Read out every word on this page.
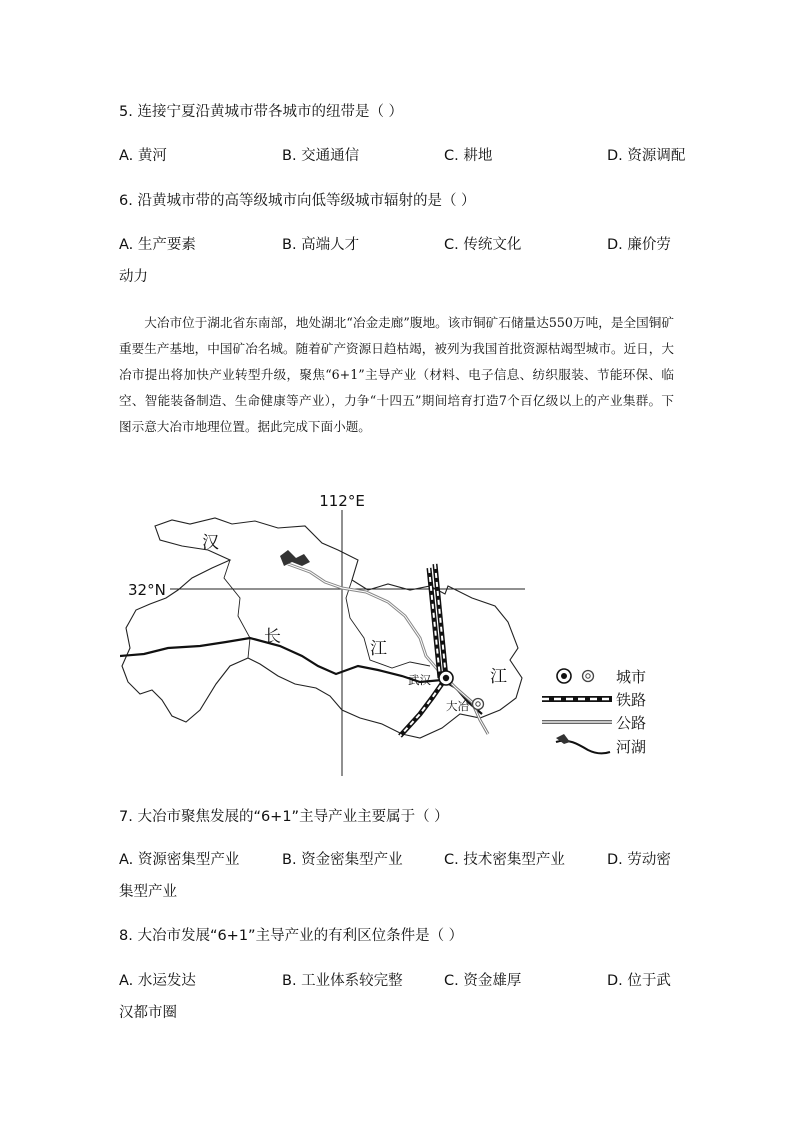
5. 连接宁夏沿黄城市带各城市的纽带是（ ）
A. 黄河	B. 交通通信	C. 耕地	D. 资源调配
6. 沿黄城市带的高等级城市向低等级城市辐射的是（ ）
A. 生产要素	B. 高端人才	C. 传统文化	D. 廉价劳
动力
大冶市位于湖北省东南部，地处湖北“冶金走廊”腹地。该市铜矿石储量达550万吨，是全国铜矿重要生产基地，中国矿冶名城。随着矿产资源日趋枯竭，被列为我国首批资源枯竭型城市。近日，大冶市提出将加快产业转型升级，聚焦“6+1”主导产业（材料、电子信息、纺织服装、节能环保、临空、智能装备制造、生命健康等产业），力争“十四五”期间培育打造7个百亿级以上的产业集群。下图示意大冶市地理位置。据此完成下面小题。
112°E
32°N
汉
长
江
江
武汉
大冶
城市
铁路
公路
河湖
7. 大冶市聚焦发展的“6+1”主导产业主要属于（ ）
A. 资源密集型产业	B. 资金密集型产业	C. 技术密集型产业	D. 劳动密
集型产业
8. 大冶市发展“6+1”主导产业的有利区位条件是（ ）
A. 水运发达	B. 工业体系较完整	C. 资金雄厚	D. 位于武
汉都市圈
